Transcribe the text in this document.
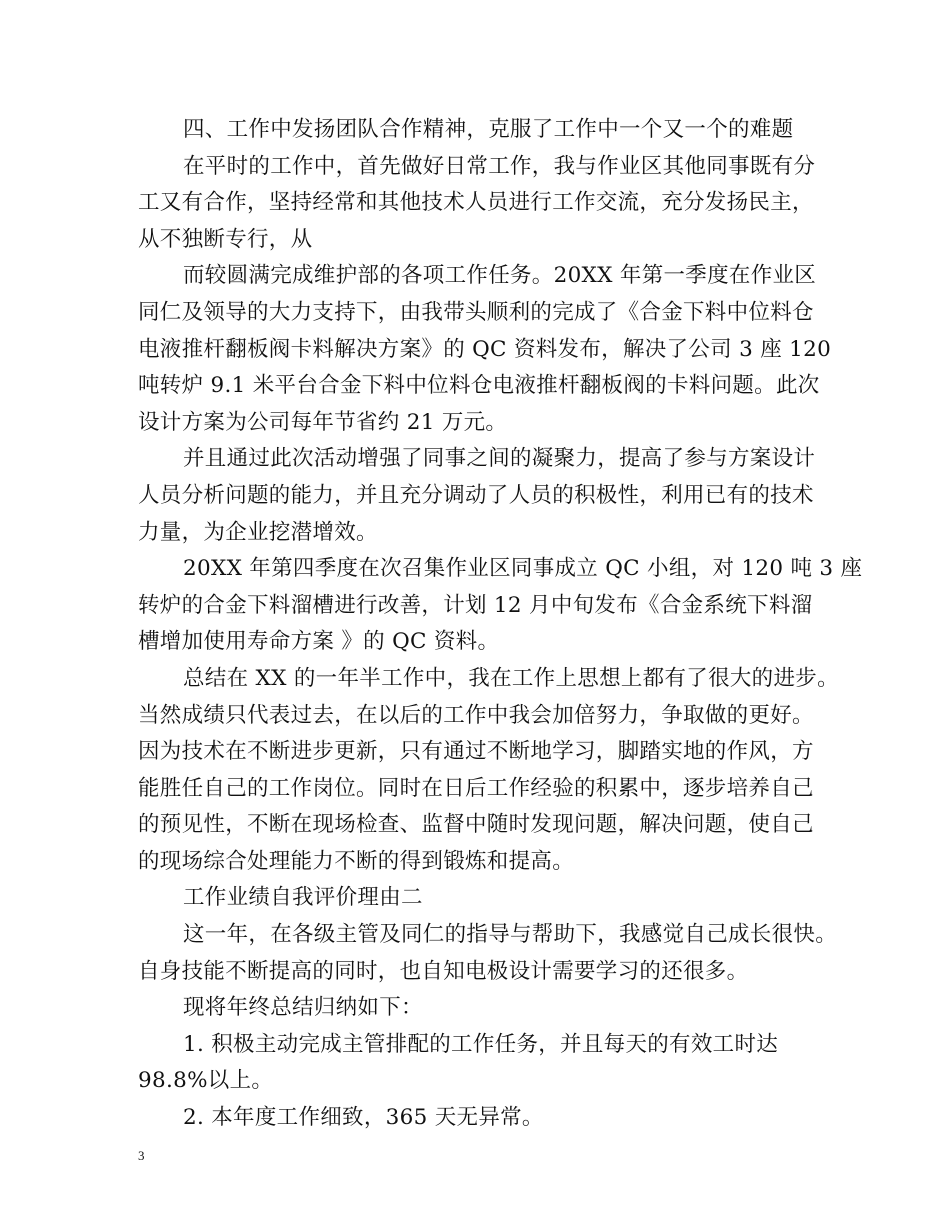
四、工作中发扬团队合作精神，克服了工作中一个又一个的难题
在平时的工作中，首先做好日常工作，我与作业区其他同事既有分
工又有合作，坚持经常和其他技术人员进行工作交流，充分发扬民主，
从不独断专行，从
而较圆满完成维护部的各项工作任务。20XX 年第一季度在作业区
同仁及领导的大力支持下，由我带头顺利的完成了《合金下料中位料仓
电液推杆翻板阀卡料解决方案》的 QC 资料发布，解决了公司 3 座 120
吨转炉 9.1 米平台合金下料中位料仓电液推杆翻板阀的卡料问题。此次
设计方案为公司每年节省约 21 万元。
并且通过此次活动增强了同事之间的凝聚力，提高了参与方案设计
人员分析问题的能力，并且充分调动了人员的积极性，利用已有的技术
力量，为企业挖潜增效。
20XX 年第四季度在次召集作业区同事成立 QC 小组，对 120 吨 3 座
转炉的合金下料溜槽进行改善，计划 12 月中旬发布《合金系统下料溜
槽增加使用寿命方案 》的 QC 资料。
总结在 XX 的一年半工作中，我在工作上思想上都有了很大的进步。
当然成绩只代表过去，在以后的工作中我会加倍努力，争取做的更好。
因为技术在不断进步更新，只有通过不断地学习，脚踏实地的作风，方
能胜任自己的工作岗位。同时在日后工作经验的积累中，逐步培养自己
的预见性，不断在现场检查、监督中随时发现问题，解决问题，使自己
的现场综合处理能力不断的得到锻炼和提高。
工作业绩自我评价理由二
这一年，在各级主管及同仁的指导与帮助下，我感觉自己成长很快。
自身技能不断提高的同时，也自知电极设计需要学习的还很多。
现将年终总结归纳如下：
1. 积极主动完成主管排配的工作任务，并且每天的有效工时达
98.8%以上。
2. 本年度工作细致，365 天无异常。
3
